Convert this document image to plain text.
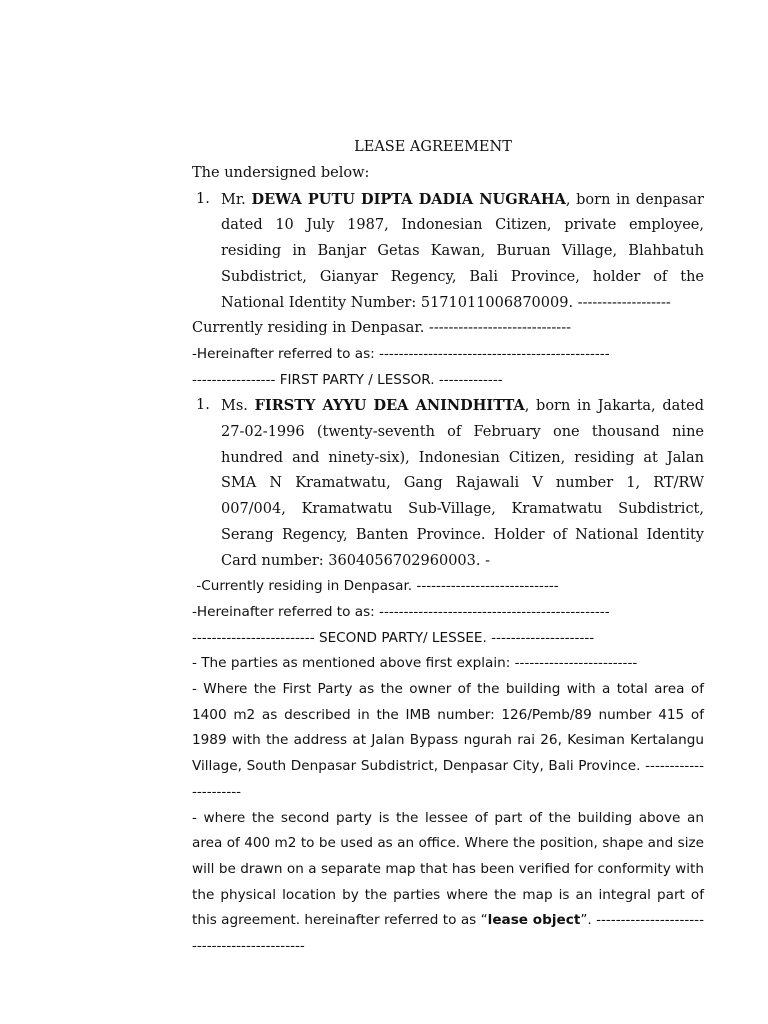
LEASE AGREEMENT
The undersigned below:
1. Mr. DEWA PUTU DIPTA DADIA NUGRAHA, born in denpasar dated 10 July 1987, Indonesian Citizen, private employee, residing in Banjar Getas Kawan, Buruan Village, Blahbatuh Subdistrict, Gianyar Regency, Bali Province, holder of the National Identity Number: 5171011006870009. -------------------
Currently residing in Denpasar. -----------------------------
-Hereinafter referred to as: -----------------------------------------------
----------------- FIRST PARTY / LESSOR. -------------
1. Ms. FIRSTY AYYU DEA ANINDHITTA, born in Jakarta, dated 27-02-1996 (twenty-seventh of February one thousand nine hundred and ninety-six), Indonesian Citizen, residing at Jalan SMA N Kramatwatu, Gang Rajawali V number 1, RT/RW 007/004, Kramatwatu Sub-Village, Kramatwatu Subdistrict, Serang Regency, Banten Province. Holder of National Identity Card number: 3604056702960003. -
-Currently residing in Denpasar. -----------------------------
-Hereinafter referred to as: -----------------------------------------------
------------------------- SECOND PARTY/ LESSEE. ---------------------
- The parties as mentioned above first explain: -------------------------
- Where the First Party as the owner of the building with a total area of 1400 m2 as described in the IMB number: 126/Pemb/89 number 415 of 1989 with the address at Jalan Bypass ngurah rai 26, Kesiman Kertalangu Village, South Denpasar Subdistrict, Denpasar City, Bali Province. ----------------------
- where the second party is the lessee of part of the building above an area of 400 m2 to be used as an office. Where the position, shape and size will be drawn on a separate map that has been verified for conformity with the physical location by the parties where the map is an integral part of this agreement. hereinafter referred to as “lease object”. ---------------------------------------------
